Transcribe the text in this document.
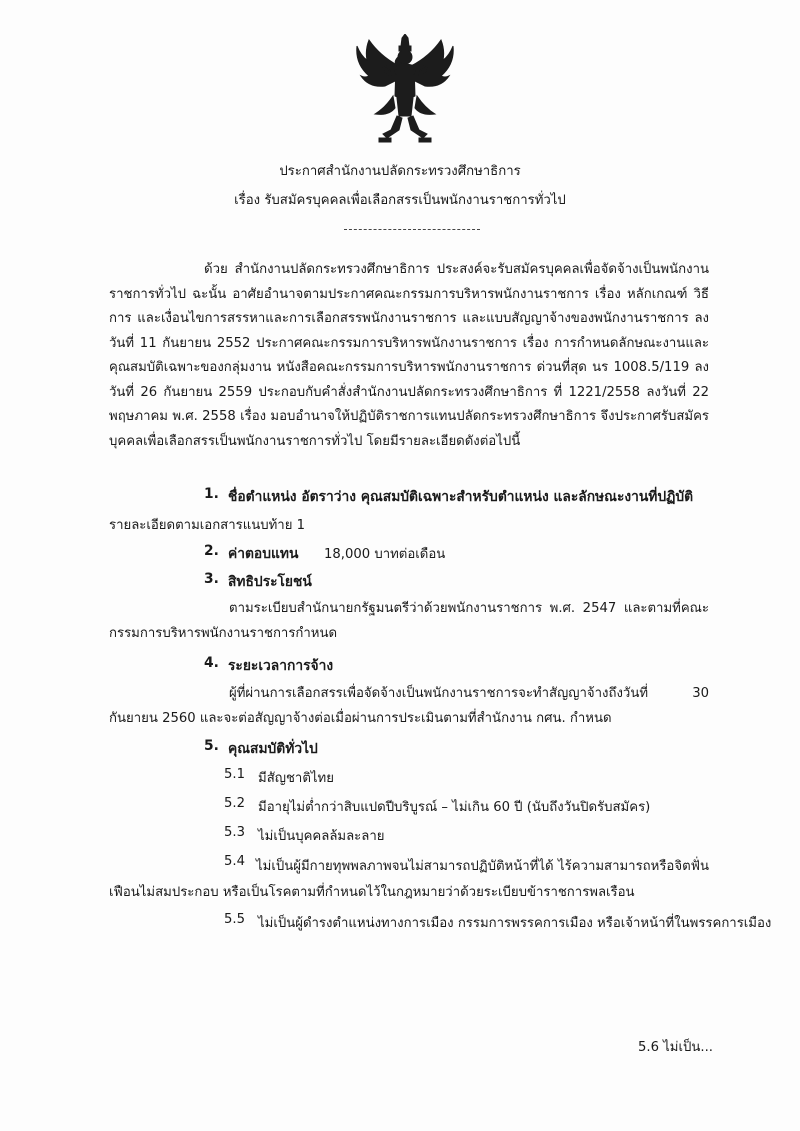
ประกาศสำนักงานปลัดกระทรวงศึกษาธิการ
เรื่อง รับสมัครบุคคลเพื่อเลือกสรรเป็นพนักงานราชการทั่วไป
ด้วย สำนักงานปลัดกระทรวงศึกษาธิการ ประสงค์จะรับสมัครบุคคลเพื่อจัดจ้างเป็นพนักงานราชการทั่วไป ฉะนั้น อาศัยอำนาจตามประกาศคณะกรรมการบริหารพนักงานราชการ เรื่อง หลักเกณฑ์ วิธีการ และเงื่อนไขการสรรหาและการเลือกสรรพนักงานราชการ และแบบสัญญาจ้างของพนักงานราชการ ลงวันที่ 11 กันยายน 2552 ประกาศคณะกรรมการบริหารพนักงานราชการ เรื่อง การกำหนดลักษณะงานและคุณสมบัติเฉพาะของกลุ่มงาน หนังสือคณะกรรมการบริหารพนักงานราชการ ด่วนที่สุด นร 1008.5/119 ลงวันที่ 26 กันยายน 2559 ประกอบกับคำสั่งสำนักงานปลัดกระทรวงศึกษาธิการ ที่ 1221/2558 ลงวันที่ 22 พฤษภาคม พ.ศ. 2558 เรื่อง มอบอำนาจให้ปฏิบัติราชการแทนปลัดกระทรวงศึกษาธิการ จึงประกาศรับสมัครบุคคลเพื่อเลือกสรรเป็นพนักงานราชการทั่วไป โดยมีรายละเอียดดังต่อไปนี้
1. ชื่อตำแหน่ง อัตราว่าง คุณสมบัติเฉพาะสำหรับตำแหน่ง และลักษณะงานที่ปฏิบัติ
รายละเอียดตามเอกสารแนบท้าย 1
2. ค่าตอบแทน 18,000 บาทต่อเดือน
3. สิทธิประโยชน์
ตามระเบียบสำนักนายกรัฐมนตรีว่าด้วยพนักงานราชการ พ.ศ. 2547 และตามที่คณะกรรมการบริหารพนักงานราชการกำหนด
4. ระยะเวลาการจ้าง
ผู้ที่ผ่านการเลือกสรรเพื่อจัดจ้างเป็นพนักงานราชการจะทำสัญญาจ้างถึงวันที่ 30 กันยายน 2560 และจะต่อสัญญาจ้างต่อเมื่อผ่านการประเมินตามที่สำนักงาน กศน. กำหนด
5. คุณสมบัติทั่วไป
5.1 มีสัญชาติไทย
5.2 มีอายุไม่ต่ำกว่าสิบแปดปีบริบูรณ์ – ไม่เกิน 60 ปี (นับถึงวันปิดรับสมัคร)
5.3 ไม่เป็นบุคคลล้มละลาย
5.4 ไม่เป็นผู้มีกายทุพพลภาพจนไม่สามารถปฏิบัติหน้าที่ได้ ไร้ความสามารถหรือจิตฟั่นเฟือนไม่สมประกอบ หรือเป็นโรคตามที่กำหนดไว้ในกฎหมายว่าด้วยระเบียบข้าราชการพลเรือน
5.5 ไม่เป็นผู้ดำรงตำแหน่งทางการเมือง กรรมการพรรคการเมือง หรือเจ้าหน้าที่ในพรรคการเมือง
5.6 ไม่เป็น...
